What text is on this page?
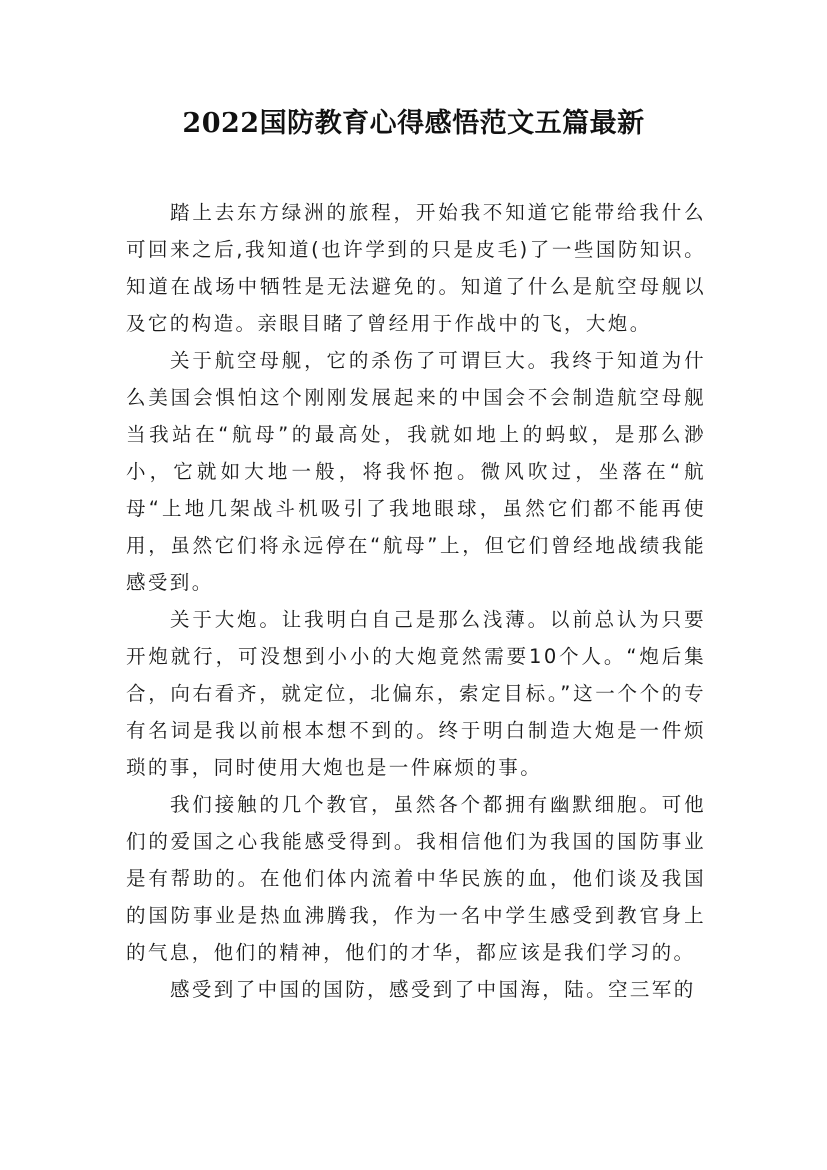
2022国防教育心得感悟范文五篇最新

踏上去东方绿洲的旅程，开始我不知道它能带给我什么可回来之后,我知道(也许学到的只是皮毛)了一些国防知识。知道在战场中牺牲是无法避免的。知道了什么是航空母舰以及它的构造。亲眼目睹了曾经用于作战中的飞，大炮。

关于航空母舰，它的杀伤了可谓巨大。我终于知道为什么美国会惧怕这个刚刚发展起来的中国会不会制造航空母舰当我站在“航母”的最高处，我就如地上的蚂蚁，是那么渺小，它就如大地一般，将我怀抱。微风吹过，坐落在“航母“上地几架战斗机吸引了我地眼球，虽然它们都不能再使用，虽然它们将永远停在“航母”上，但它们曾经地战绩我能感受到。

关于大炮。让我明白自己是那么浅薄。以前总认为只要开炮就行，可没想到小小的大炮竟然需要10个人。“炮后集合，向右看齐，就定位，北偏东，索定目标。”这一个个的专有名词是我以前根本想不到的。终于明白制造大炮是一件烦琐的事，同时使用大炮也是一件麻烦的事。

我们接触的几个教官，虽然各个都拥有幽默细胞。可他们的爱国之心我能感受得到。我相信他们为我国的国防事业是有帮助的。在他们体内流着中华民族的血，他们谈及我国的国防事业是热血沸腾我，作为一名中学生感受到教官身上的气息，他们的精神，他们的才华，都应该是我们学习的。

感受到了中国的国防，感受到了中国海，陆。空三军的
